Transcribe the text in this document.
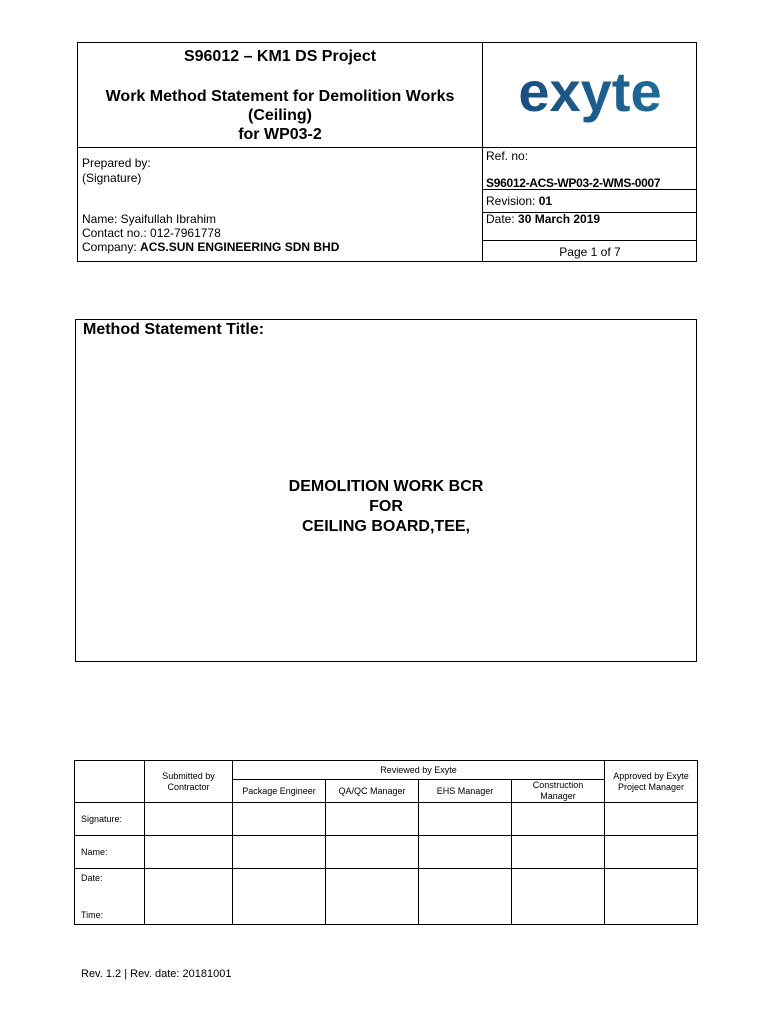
S96012 – KM1 DS Project
Work Method Statement for Demolition Works
(Ceiling)
for WP03-2
exyte
Prepared by:
(Signature)
Name: Syaifullah Ibrahim
Contact no.: 012-7961778
Company: ACS.SUN ENGINEERING SDN BHD
Ref. no:
S96012-ACS-WP03-2-WMS-0007
Revision: 01
Date: 30 March 2019
Page 1 of 7
Method Statement Title:
DEMOLITION WORK BCR
FOR
CEILING BOARD,TEE,
	Submitted by Contractor	Reviewed by Exyte				Approved by Exyte Project Manager
		Package Engineer	QA/QC Manager	EHS Manager	Construction Manager	
Signature:						
Name:						

Date:
Time:						

Rev. 1.2 | Rev. date: 20181001
